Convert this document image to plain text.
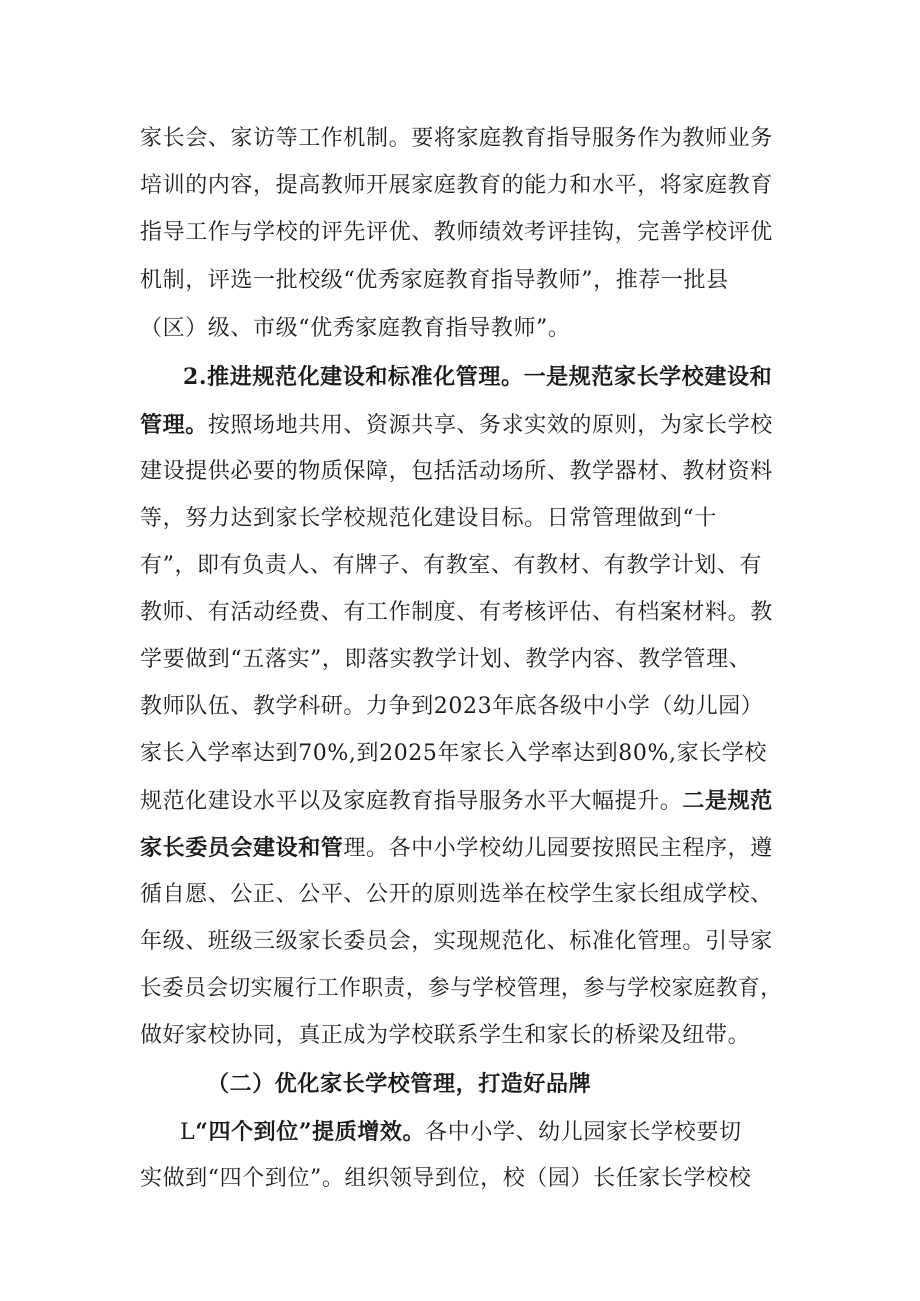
家长会、家访等工作机制。要将家庭教育指导服务作为教师业务
培训的内容，提高教师开展家庭教育的能力和水平，将家庭教育
指导工作与学校的评先评优、教师绩效考评挂钩，完善学校评优
机制，评选一批校级“优秀家庭教育指导教师”，推荐一批县
（区）级、市级“优秀家庭教育指导教师”。
2.推进规范化建设和标准化管理。一是规范家长学校建设和
管理。按照场地共用、资源共享、务求实效的原则，为家长学校
建设提供必要的物质保障，包括活动场所、教学器材、教材资料
等，努力达到家长学校规范化建设目标。日常管理做到“十
有”，即有负责人、有牌子、有教室、有教材、有教学计划、有
教师、有活动经费、有工作制度、有考核评估、有档案材料。教
学要做到“五落实”，即落实教学计划、教学内容、教学管理、
教师队伍、教学科研。力争到2023年底各级中小学（幼儿园）
家长入学率达到70%,到2025年家长入学率达到80%,家长学校
规范化建设水平以及家庭教育指导服务水平大幅提升。二是规范
家长委员会建设和管理。各中小学校幼儿园要按照民主程序，遵
循自愿、公正、公平、公开的原则选举在校学生家长组成学校、
年级、班级三级家长委员会，实现规范化、标准化管理。引导家
长委员会切实履行工作职责，参与学校管理，参与学校家庭教育，
做好家校协同，真正成为学校联系学生和家长的桥梁及纽带。
（二）优化家长学校管理，打造好品牌
L“四个到位”提质增效。各中小学、幼儿园家长学校要切
实做到“四个到位”。组织领导到位，校（园）长任家长学校校
